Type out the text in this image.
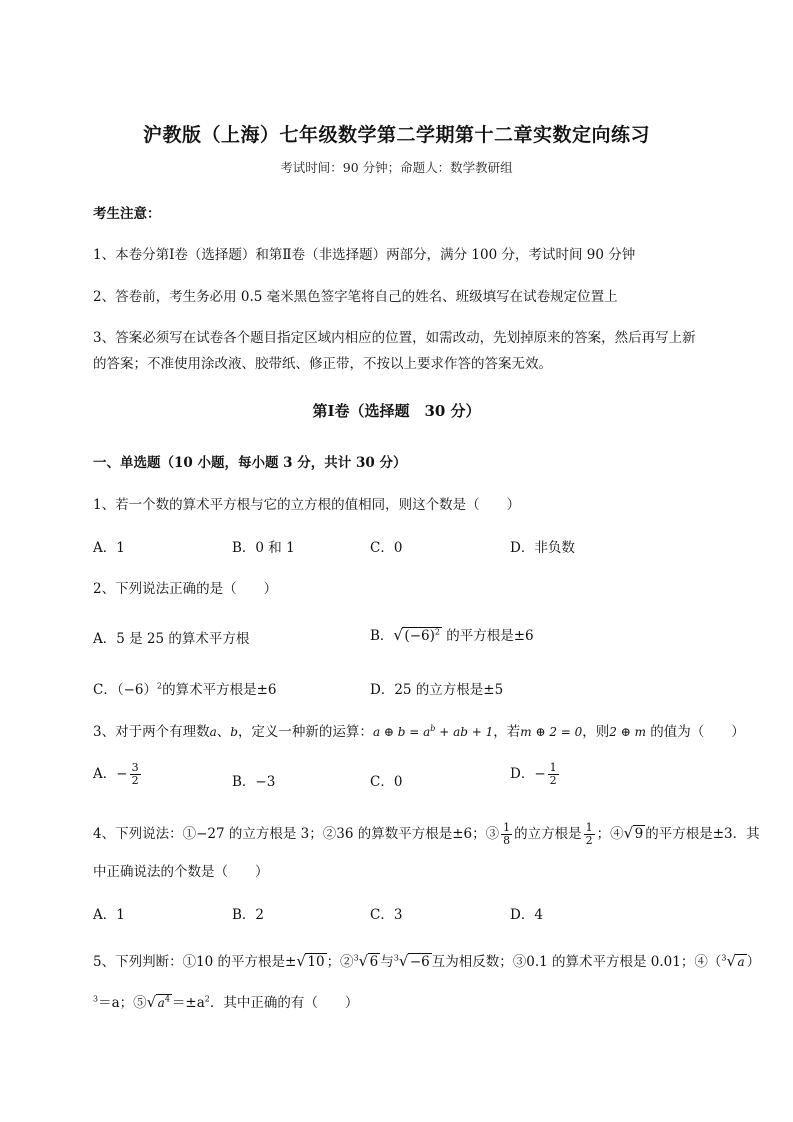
沪教版（上海）七年级数学第二学期第十二章实数定向练习
考试时间：90 分钟；命题人：数学教研组
考生注意：
1、本卷分第Ⅰ卷（选择题）和第Ⅱ卷（非选择题）两部分，满分 100 分，考试时间 90 分钟
2、答卷前，考生务必用 0.5 毫米黑色签字笔将自己的姓名、班级填写在试卷规定位置上
3、答案必须写在试卷各个题目指定区域内相应的位置，如需改动，先划掉原来的答案，然后再写上新
的答案；不准使用涂改液、胶带纸、修正带，不按以上要求作答的答案无效。
第Ⅰ卷（选择题　30 分）
一、单选题（10 小题，每小题 3 分，共计 30 分）
1、若一个数的算术平方根与它的立方根的值相同，则这个数是（　　）
A．1	B．0 和 1	C．0	D．非负数
2、下列说法正确的是（　　）
A．5 是 25 的算术平方根	B． √ $(-6)^2$ 的平方根是±6
C．$(-6)^2$的算术平方根是±6	D．25 的立方根是±5
3、对于两个有理数a、b，定义一种新的运算：a ⊕ $b = a^b$ + ab + 1，若m ⊕ 2 = 0，则2 ⊕ m 的值为（　　）
A．− $\frac{3}{2}$	B．−3	C．0	D．− $\frac{1}{2}$
4、下列说法：①−27 的立方根是 3；②36 的算数平方根是±6；③ $\frac{1}{8}$ 的立方根是 $\frac{1}{2}$ ；④ √ 9 的平方根是±3．其
中正确说法的个数是（　　）
A．1	B．2	C．3	D．4
5、下列判断：①10 的平方根是± √ 10 ；②$^3$ √ 6 与$^3$ √ −6 互为相反数；③0.1 的算术平方根是 0.01；④（$^3$ √ a ）
$^3$＝a；⑤ √ $a^4 =\pm a^2$．其中正确的有（　　）
